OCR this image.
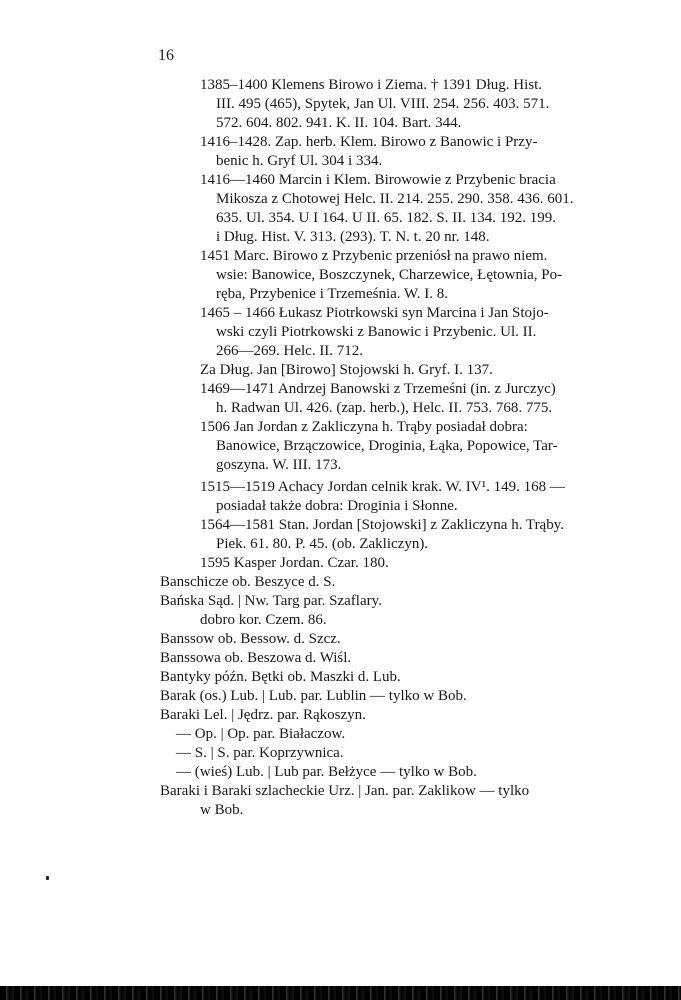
16
1385–1400 Klemens Birowo i Ziema. † 1391 Dług. Hist.
III. 495 (465), Spytek, Jan Ul. VIII. 254. 256. 403. 571.
572. 604. 802. 941. K. II. 104. Bart. 344.
1416–1428. Zap. herb. Klem. Birowo z Banowic i Przy-
benic h. Gryf Ul. 304 i 334.
1416—1460 Marcin i Klem. Birowowie z Przybenic bracia
Mikosza z Chotowej Helc. II. 214. 255. 290. 358. 436. 601.
635. Ul. 354. U I 164. U II. 65. 182. S. II. 134. 192. 199.
i Dług. Hist. V. 313. (293). T. N. t. 20 nr. 148.
1451 Marc. Birowo z Przybenic przeniósł na prawo niem.
wsie: Banowice, Boszczynek, Charzewice, Łętownia, Po-
ręba, Przybenice i Trzemeśnia. W. I. 8.
1465 – 1466 Łukasz Piotrkowski syn Marcina i Jan Stojo-
wski czyli Piotrkowski z Banowic i Przybenic. Ul. II.
266—269. Helc. II. 712.
Za Dług. Jan [Birowo] Stojowski h. Gryf. I. 137.
1469—1471 Andrzej Banowski z Trzemeśni (in. z Jurczyc)
h. Radwan Ul. 426. (zap. herb.), Helc. II. 753. 768. 775.
1506 Jan Jordan z Zakliczyna h. Trąby posiadał dobra:
Banowice, Brzączowice, Droginia, Łąka, Popowice, Tar-
goszyna. W. III. 173.
1515—1519 Achacy Jordan celnik krak. W. IV¹. 149. 168 —
posiadał także dobra: Droginia i Słonne.
1564—1581 Stan. Jordan [Stojowski] z Zakliczyna h. Trąby.
Piek. 61. 80. P. 45. (ob. Zakliczyn).
1595 Kasper Jordan. Czar. 180.
Banschicze ob. Beszyce d. S.
Bańska Sąd. | Nw. Targ par. Szaflary.
dobro kor. Czem. 86.
Banssow ob. Bessow. d. Szcz.
Banssowa ob. Beszowa d. Wiśl.
Bantyky późn. Bętki ob. Maszki d. Lub.
Barak (os.) Lub. | Lub. par. Lublin — tylko w Bob.
Baraki Lel. | Jędrz. par. Rąkoszyn.
— Op. | Op. par. Białaczow.
— S. | S. par. Koprzywnica.
— (wieś) Lub. | Lub par. Bełżyce — tylko w Bob.
Baraki i Baraki szlacheckie Urz. | Jan. par. Zaklikow — tylko
w Bob.
